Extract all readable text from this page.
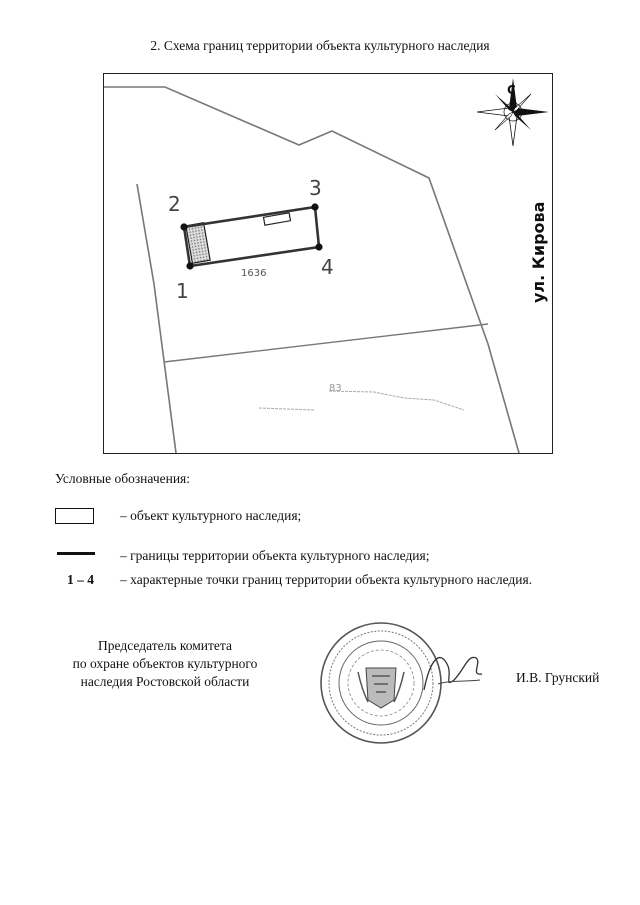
2. Схема границ территории объекта культурного наследия
83
1
2
3
4
1636	ул. Кирова
С
Условные обозначения:
– объект культурного наследия;
– границы территории объекта культурного наследия;
1 – 4 – характерные точки границ территории объекта культурного наследия.
Председатель комитета
по охране объектов культурного
наследия Ростовской области	И.В. Грунский
